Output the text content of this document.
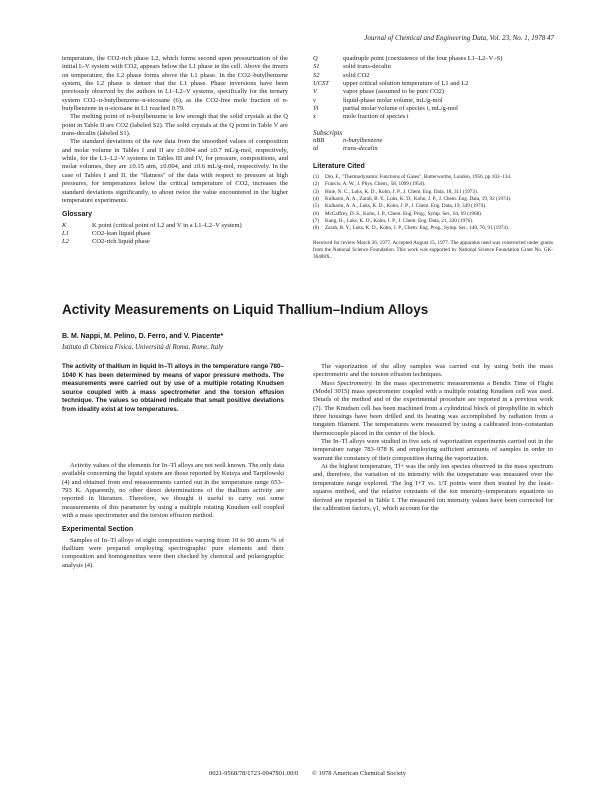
Journal of Chemical and Engineering Data, Vol. 23, No. 1, 1978 47

temperature, the CO2-rich phase L2, which forms second upon pressurization of the initial L-V system with CO2, appears below the L1 phase in the cell. Above the invers on temperature, the L2 phase forms above the L1 phase. In the CO2–butylbenzene system, the L2 phase is denser that the L1 phase. Phase inversions have been previously observed by the authors in L1–L2–V systems, specifically for the ternary system CO2–n-butylbenzene–n-eicosane (6), as the CO2-free mole fraction of n-butylbenzene in n-eicosane in L1 reached 0.79.

The melting point of n-butylbenzene is low enough that the solid crystals at the Q point in Table II are CO2 (labeled S2). The solid crystals at the Q point in Table V are trans-decalin (labeled S1).

The standard deviations of the raw data from the smoothed values of composition and molar volume in Tables I and II are ±0.004 and ±0.7 mL/g-mol, respectively, while, for the L1–L2–V systems in Tables III and IV, for pressure, compositions, and molar volumes, they are ±0.15 atm, ±0.004, and ±0.6 mL/g-mol, respectively. In the case of Tables I and II, the "flatness" of the data with respect to pressure at high pressures, for temperatures below the critical temperature of CO2, increases the standard deviations significantly, to about twice the value encountered in the higher temperature experiments.

Glossary
K	K point (critical point of L2 and V in a L1–L2–V system)
L1	CO2-lean liquid phase
L2	CO2-rich liquid phase
Q	quadruple point (coexistence of the four phases L1–L2–V–S)
S1	solid trans-decalin
S2	solid CO2
UCST	upper critical solution temperature of L1 and L2
V	vapor phase (assumed to be pure CO2)
v	liquid-phase molar volume, mL/g-mol
V̄i	partial molar volume of species i, mL/g-mol
x	mole fraction of species i
Subscripts
nBB	n-butylbenzene
td	trans-decalin
Literature Cited
(1)	Din, F., "Thermodynamic Functions of Gases", Butterworths, London, 1956, pp 102–134.
(2)	Francis, A. W., J. Phys. Chem., 58, 1099 (1954).
(3)	Huie, N. C., Luks, K. D., Kohn, J. P., J. Chem. Eng. Data, 18, 311 (1973).
(4)	Kulkarni, A. A., Zarah, B. Y., Luks, K. D., Kohn, J. P., J. Chem. Eng. Data, 19, 92 (1974).
(5)	Kulkarni, A. A., Luks, K. D., Kohn, J. P., J. Chem. Eng. Data, 19, 349 (1974).
(6)	McCaffrey, D. S., Kohn, J. P., Chem. Eng. Prog., Symp. Ser., 64, 69 (1968).
(7)	Kang, H., Luks, K. D., Kohn, J. P., J. Chem. Eng. Data, 21, 330 (1976).
(8)	Zarah, B. Y., Luks, K. D., Kohn, J. P., Chem. Eng. Prog., Symp. Ser., 140, 70, 91 (1974).
Received for review March 26, 1977. Accepted August 15, 1977. The apparatus used was constructed under grants from the National Science Foundation. This work was supported by National Science Foundation Grant No. GK-36488X.
Activity Measurements on Liquid Thallium–Indium Alloys
B. M. Nappi, M. Pelino, D. Ferro, and V. Piacente*
Istituto di Chimica Fisica, Università di Roma, Rome, Italy
The activity of thallium in liquid In–Tl alloys in the temperature range 780–1040 K has been determined by means of vapor pressure methods. The measurements were carried out by use of a multiple rotating Knudsen source coupled with a mass spectrometer and the torsion effusion technique. The values so obtained indicate that small positive deviations from ideality exist at low temperatures.

Activity values of the elements for In–Tl alloys are not well known. The only data available concerning the liquid system are those reported by Kutsya and Tarpilowski (4) and obtained from emf measurements carried out in the temperature range 653–793 K. Apparently, no other direct determinations of the thallium activity are reported in literature. Therefore, we thought it useful to carry out some measurements of this parameter by using a multiple rotating Knudsen cell coupled with a mass spectrometer and the torsion effusion method.

Experimental Section

Samples of In–Tl alloys of eight compositions varying from 10 to 90 atom % of thallium were prepared employing spectrographic pure elements and their composition and homogeneities were then checked by chemical and polarographic analysis (4).

The vaporization of the alloy samples was carried out by using both the mass spectrometric and the torsion effusion techniques.

Mass Spectrometry. In the mass spectrometric measurements a Bendix Time of Flight (Model 3015) mass spectrometer coupled with a multiple rotating Knudsen cell was used. Details of the method and of the experimental procedure are reported in a previous work (7). The Knudsen cell has been machined from a cylindrical block of pirophyllite in which three housings have been drilled and its heating was accomplished by radiation from a tungsten filament. The temperatures were measured by using a calibrated iron–constantan thermocouple placed in the center of the block.

The In–Tl alloys were studied in five sets of vaporization experiments carried out in the temperature range 783–978 K and employing sufficient amounts of samples in order to warrant the constancy of their composition during the vaporization.

At the highest temperature, Tl+ was the only ion species observed in the mass spectrum and, therefore, the variation of its intensity with the temperature was measured over the temperature range explored. The log I+T vs. 1/T points were then treated by the least-squares method, and the relative constants of the ion intensity–temperature equations so derived are reported in Table I. The measured ion intensity values have been corrected for the calibration factors, γ1, which account for the

0021-9568/78/1723-0047$01.00/0 © 1978 American Chemical Society
